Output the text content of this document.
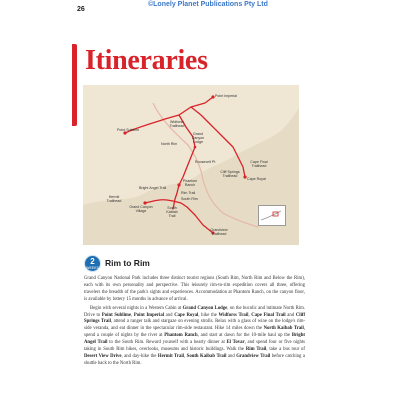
26
©Lonely Planet Publications Pty Ltd
Itineraries
Point Imperial
Point Sublime
Widforss Trailhead
Grand Canyon Lodge
North Rim
Roosevelt Pt	Cape Final Trailhead
Cape Royal
Cliff Springs Trailhead
Phantom Ranch
Bright Angel Trail
Hermit Trailhead
Grand Canyon Village
Rim Trail
South Rim
South Kaibab Trail
Grandview Trailhead
2
WEEKS Rim to Rim

Grand Canyon National Park includes three distinct tourist regions (South Rim, North Rim and Below the Rim), each with its own personality and perspective. This leisurely rim-to-rim expedition covers all three, offering travelers the breadth of the park's sights and experiences. Accommodation at Phantom Ranch, on the canyon floor, is available by lottery 15 months in advance of arrival.

Begin with several nights in a Western Cabin at Grand Canyon Lodge, on the bucolic and intimate North Rim. Drive to Point Sublime, Point Imperial and Cape Royal, hike the Widforss Trail, Cape Final Trail and Cliff Springs Trail, attend a ranger talk and stargaze on evening strolls. Relax with a glass of wine on the lodge's rim-side veranda, and eat dinner in the spectacular rim-side restaurant. Hike 14 miles down the North Kaibab Trail, spend a couple of nights by the river at Phantom Ranch, and start at dawn for the 10-mile haul up the Bright Angel Trail to the South Rim. Reward yourself with a hearty dinner at El Tovar, and spend four or five nights taking in South Rim hikes, overlooks, museums and historic buildings. Walk the Rim Trail, take a bus tour of Desert View Drive, and day-hike the Hermit Trail, South Kaibab Trail and Grandview Trail before catching a shuttle back to the North Rim.
